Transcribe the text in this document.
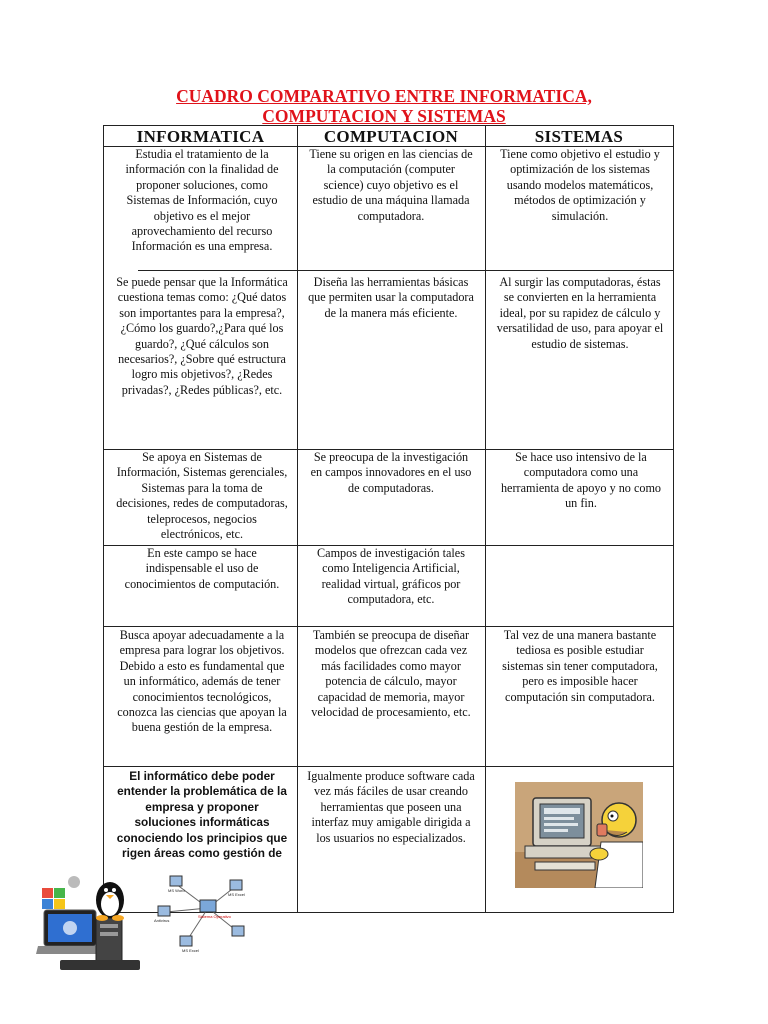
CUADRO COMPARATIVO ENTRE INFORMATICA,
COMPUTACION Y SISTEMAS
INFORMATICA	COMPUTACION	SISTEMAS
Estudia el tratamiento de la información con la finalidad de proponer soluciones, como Sistemas de Información, cuyo objetivo es el mejor aprovechamiento del recurso Información es una empresa.
Tiene su origen en las ciencias de la computación (computer science) cuyo objetivo es el estudio de una máquina llamada computadora.
Tiene como objetivo el estudio y optimización de los sistemas usando modelos matemáticos, métodos de optimización y simulación.
Se puede pensar que la Informática cuestiona temas como: ¿Qué datos son importantes para la empresa?, ¿Cómo los guardo?,¿Para qué los guardo?, ¿Qué cálculos son necesarios?, ¿Sobre qué estructura logro mis objetivos?, ¿Redes privadas?, ¿Redes públicas?, etc.
Diseña las herramientas básicas que permiten usar la computadora de la manera más eficiente.
Al surgir las computadoras, éstas se convierten en la herramienta ideal, por su rapidez de cálculo y versatilidad de uso, para apoyar el estudio de sistemas.
Se apoya en Sistemas de Información, Sistemas gerenciales, Sistemas para la toma de decisiones, redes de computadoras, teleprocesos, negocios electrónicos, etc.
Se preocupa de la investigación en campos innovadores en el uso de computadoras.
Se hace uso intensivo de la computadora como una herramienta de apoyo y no como un fin.
En este campo se hace indispensable el uso de conocimientos de computación.
Campos de investigación tales como Inteligencia Artificial, realidad virtual, gráficos por computadora, etc.
Busca apoyar adecuadamente a la empresa para lograr los objetivos. Debido a esto es fundamental que un informático, además de tener conocimientos tecnológicos, conozca las ciencias que apoyan la buena gestión de la empresa.
También se preocupa de diseñar modelos que ofrezcan cada vez más facilidades como mayor potencia de cálculo, mayor capacidad de memoria, mayor velocidad de procesamiento, etc.
Tal vez de una manera bastante tediosa es posible estudiar sistemas sin tener computadora, pero es imposible hacer computación sin computadora.
El informático debe poder entender la problemática de la empresa y proponer soluciones informáticas conociendo los principios que rigen áreas como gestión de
Igualmente produce software cada vez más fáciles de usar creando herramientas que poseen una interfaz muy amigable dirigida a los usuarios no especializados.
MS Word
MS Excel
Sistema Operativo
Antivirus
MS Excel
